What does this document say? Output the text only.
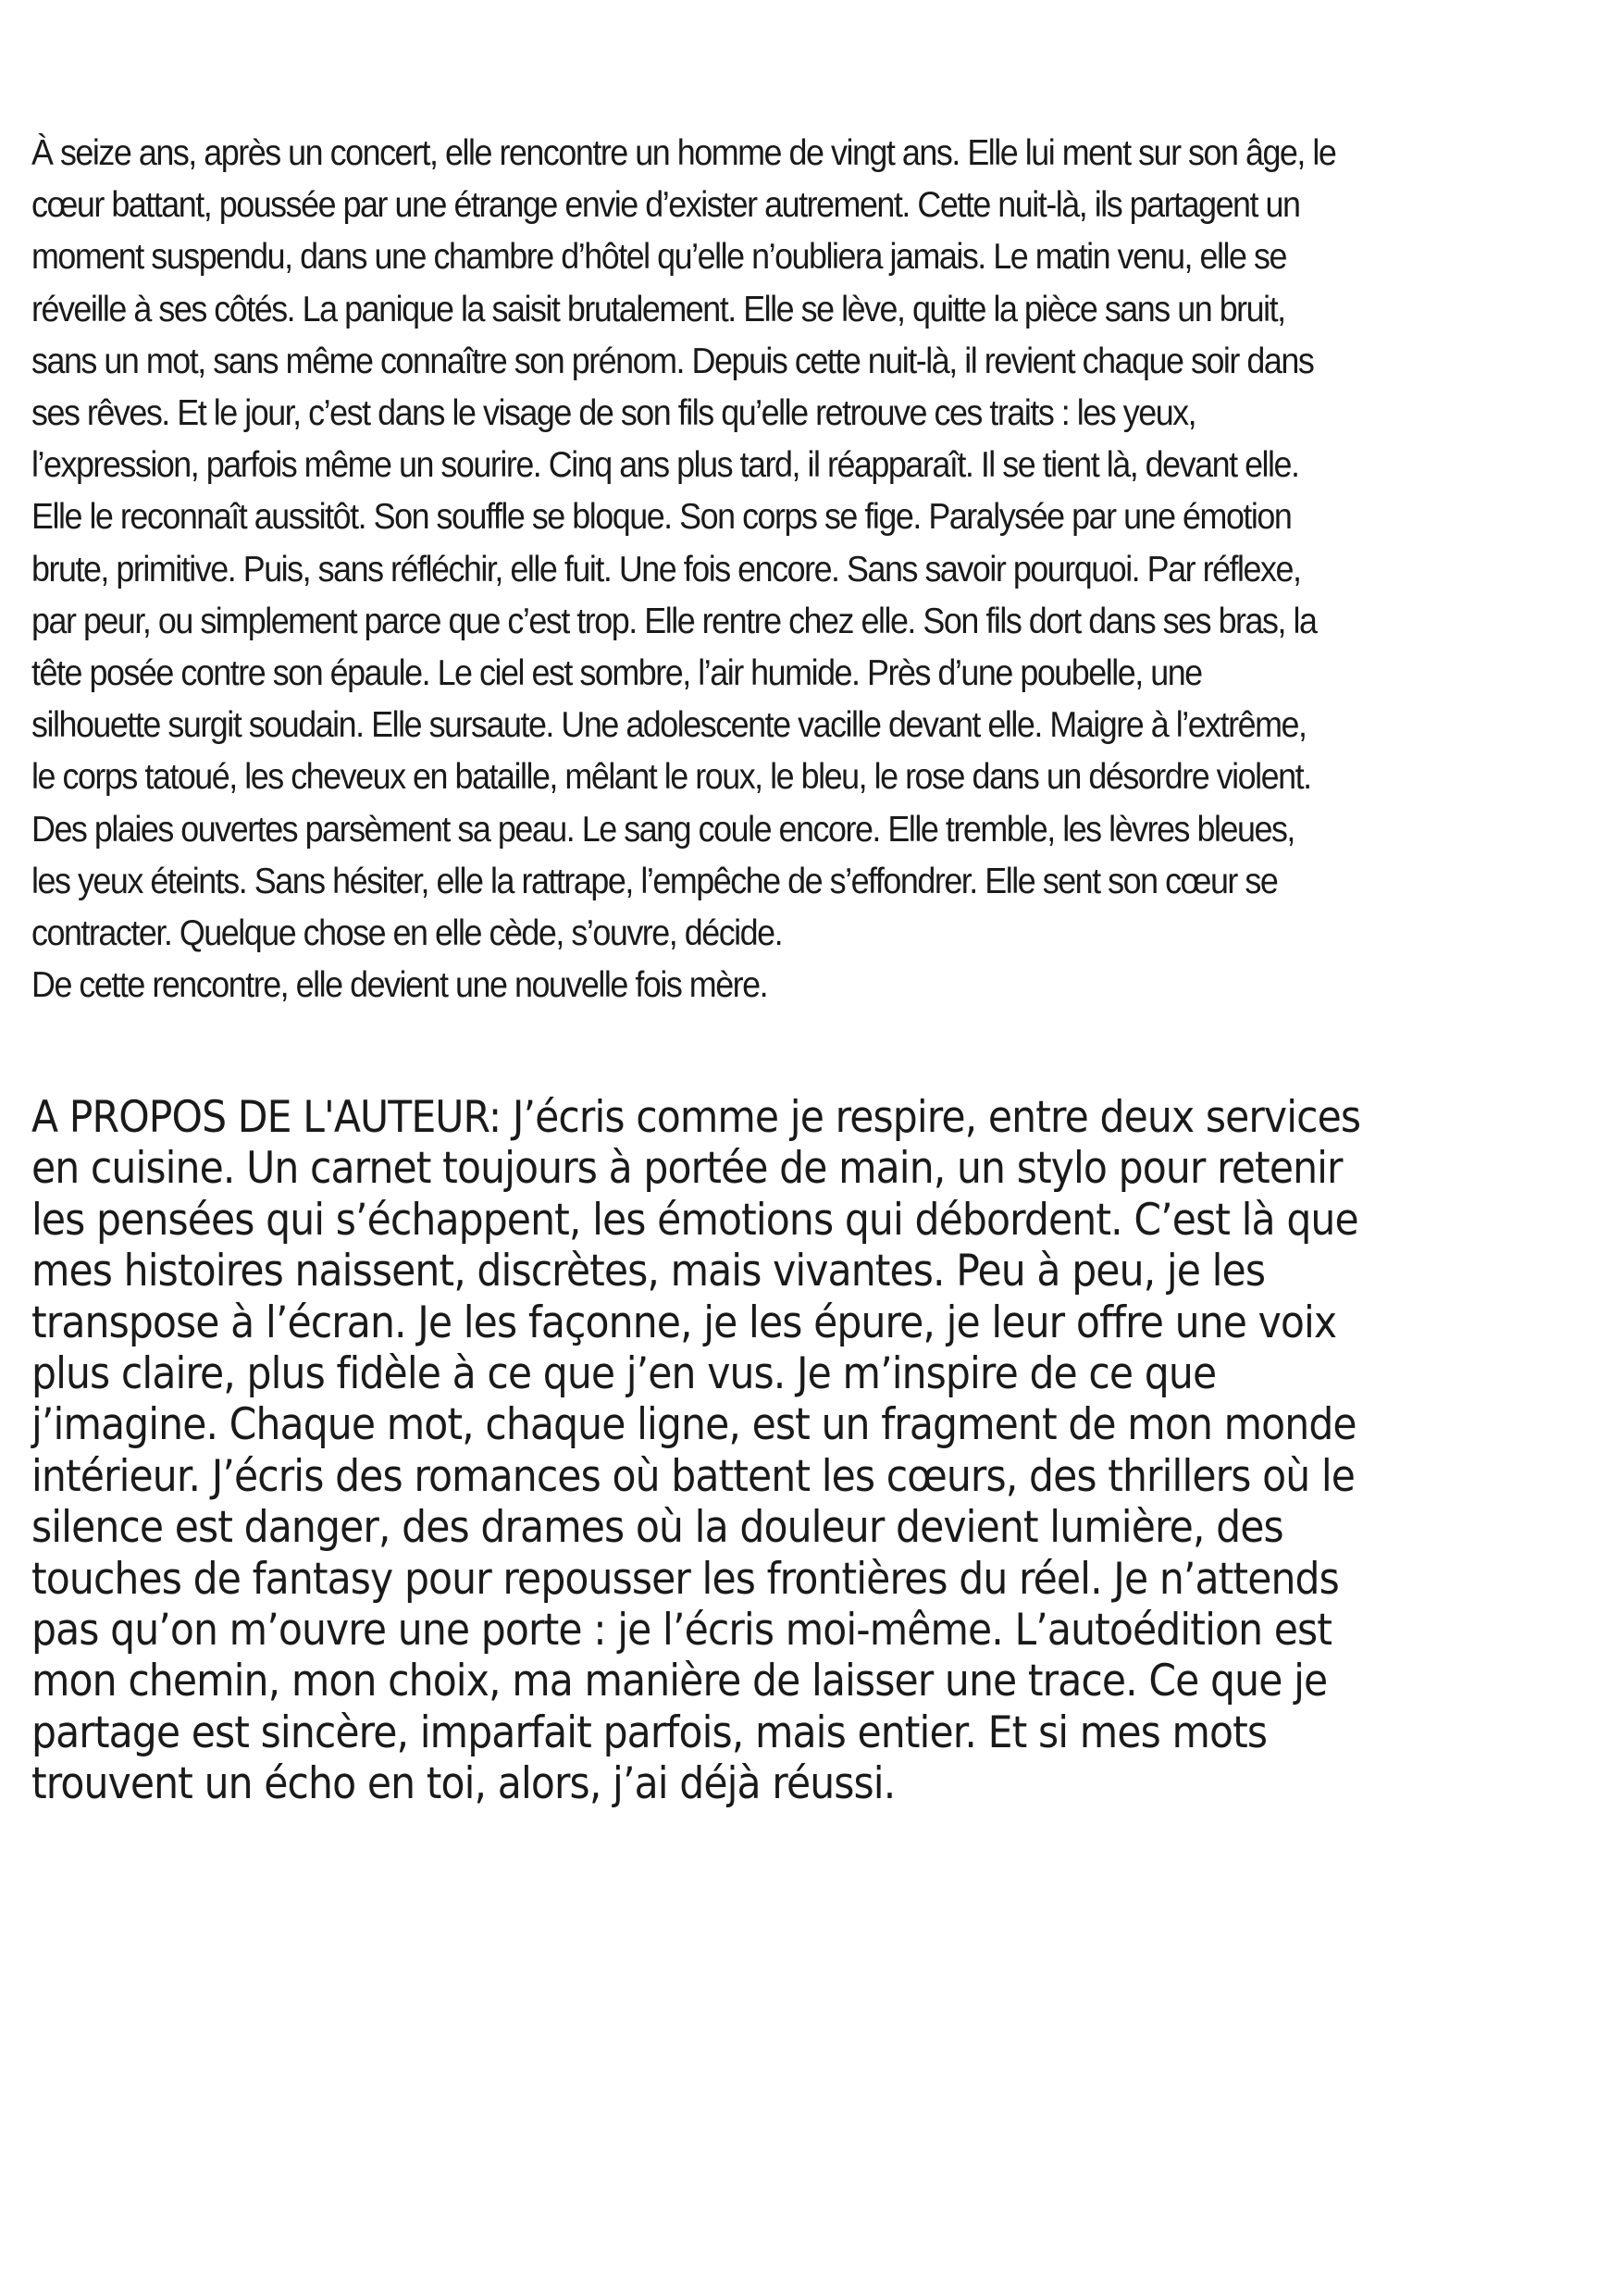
À seize ans, après un concert, elle rencontre un homme de vingt ans. Elle lui ment sur son âge, le
cœur battant, poussée par une étrange envie d’exister autrement. Cette nuit-là, ils partagent un
moment suspendu, dans une chambre d’hôtel qu’elle n’oubliera jamais. Le matin venu, elle se
réveille à ses côtés. La panique la saisit brutalement. Elle se lève, quitte la pièce sans un bruit,
sans un mot, sans même connaître son prénom. Depuis cette nuit-là, il revient chaque soir dans
ses rêves. Et le jour, c’est dans le visage de son fils qu’elle retrouve ces traits : les yeux,
l’expression, parfois même un sourire. Cinq ans plus tard, il réapparaît. Il se tient là, devant elle.
Elle le reconnaît aussitôt. Son souffle se bloque. Son corps se fige. Paralysée par une émotion
brute, primitive. Puis, sans réfléchir, elle fuit. Une fois encore. Sans savoir pourquoi. Par réflexe,
par peur, ou simplement parce que c’est trop. Elle rentre chez elle. Son fils dort dans ses bras, la
tête posée contre son épaule. Le ciel est sombre, l’air humide. Près d’une poubelle, une
silhouette surgit soudain. Elle sursaute. Une adolescente vacille devant elle. Maigre à l’extrême,
le corps tatoué, les cheveux en bataille, mêlant le roux, le bleu, le rose dans un désordre violent.
Des plaies ouvertes parsèment sa peau. Le sang coule encore. Elle tremble, les lèvres bleues,
les yeux éteints. Sans hésiter, elle la rattrape, l’empêche de s’effondrer. Elle sent son cœur se
contracter. Quelque chose en elle cède, s’ouvre, décide.
De cette rencontre, elle devient une nouvelle fois mère.
A PROPOS DE L'AUTEUR: J’écris comme je respire, entre deux services
en cuisine. Un carnet toujours à portée de main, un stylo pour retenir
les pensées qui s’échappent, les émotions qui débordent. C’est là que
mes histoires naissent, discrètes, mais vivantes. Peu à peu, je les
transpose à l’écran. Je les façonne, je les épure, je leur offre une voix
plus claire, plus fidèle à ce que j’en vus. Je m’inspire de ce que
j’imagine. Chaque mot, chaque ligne, est un fragment de mon monde
intérieur. J’écris des romances où battent les cœurs, des thrillers où le
silence est danger, des drames où la douleur devient lumière, des
touches de fantasy pour repousser les frontières du réel. Je n’attends
pas qu’on m’ouvre une porte : je l’écris moi-même. L’autoédition est
mon chemin, mon choix, ma manière de laisser une trace. Ce que je
partage est sincère, imparfait parfois, mais entier. Et si mes mots
trouvent un écho en toi, alors, j’ai déjà réussi.
